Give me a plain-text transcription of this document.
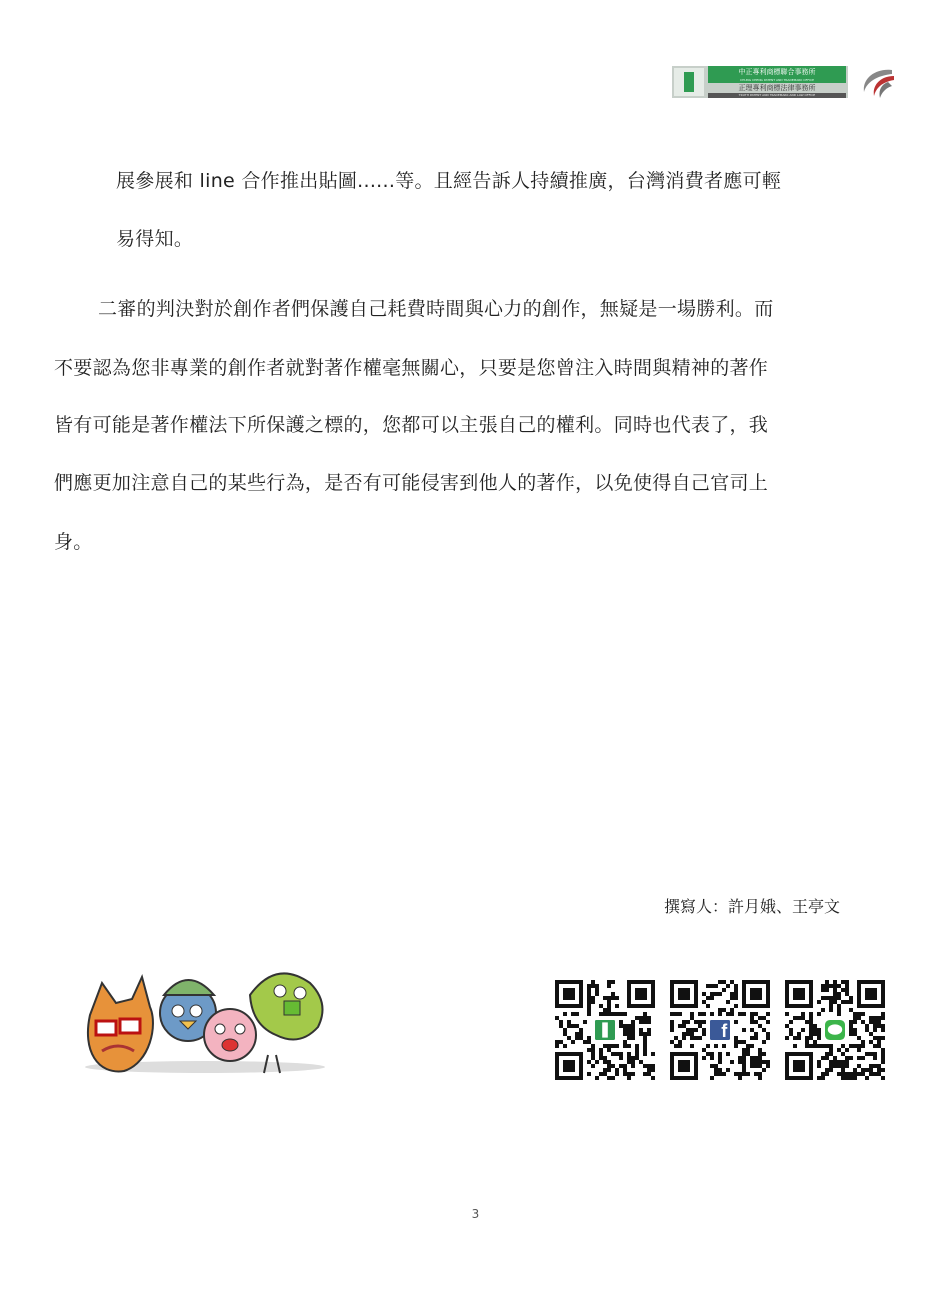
中正專利商標聯合事務所
CHUNG CHENG PATENT AND TRADEMARK OFFICE
正理專利商標法律事務所
TRUTH PATENT AND TRADEMARK AND LAW OFFICE
展參展和 line 合作推出貼圖......等。且經告訴人持續推廣，台灣消費者應可輕
易得知。
二審的判決對於創作者們保護自己耗費時間與心力的創作，無疑是一場勝利。而
不要認為您非專業的創作者就對著作權毫無關心，只要是您曾注入時間與精神的著作
皆有可能是著作權法下所保護之標的，您都可以主張自己的權利。同時也代表了，我
們應更加注意自己的某些行為，是否有可能侵害到他人的著作，以免使得自己官司上
身。
撰寫人：許月娥、王亭文
f
3
